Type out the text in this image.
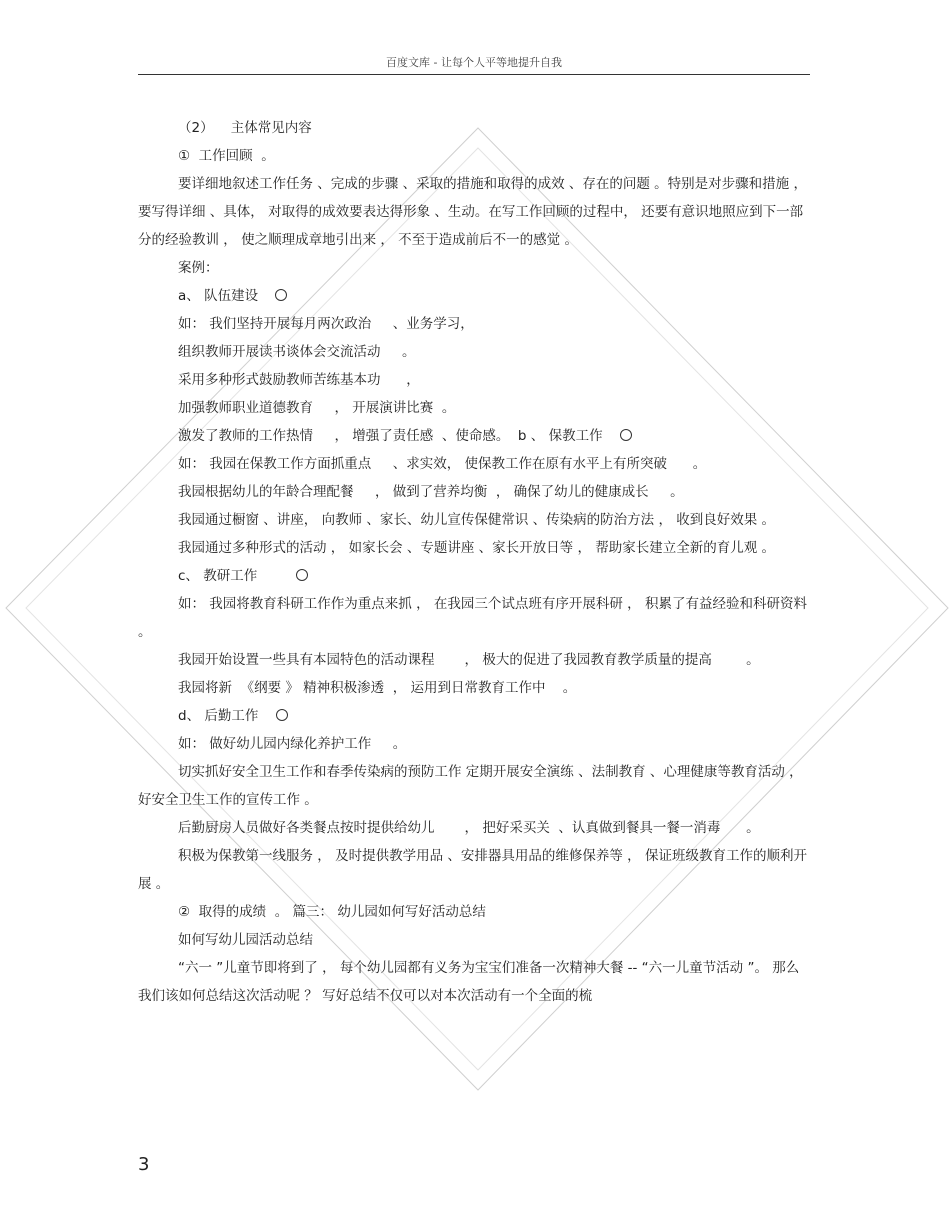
百度文库 - 让每个人平等地提升自我

（2）    主体常见内容

①  工作回顾  。

要详细地叙述工作任务 、完成的步骤 、采取的措施和取得的成效 、存在的问题 。特别是对步骤和措施 ， 要写得详细 、具体， 对取得的成效要表达得形象 、生动。在写工作回顾的过程中， 还要有意识地照应到下一部分的经验教训 ， 使之顺理成章地引出来 ， 不至于造成前后不一的感觉 。

案例：

a、 队伍建设

如： 我们坚持开展每月两次政治     、业务学习，

组织教师开展读书谈体会交流活动     。

采用多种形式鼓励教师苦练基本功      ，

加强教师职业道德教育     ， 开展演讲比赛  。

激发了教师的工作热情     ， 增强了责任感  、使命感。  b 、 保教工作

如： 我园在保教工作方面抓重点     、求实效， 使保教工作在原有水平上有所突破      。

我园根据幼儿的年龄合理配餐     ， 做到了营养均衡  ， 确保了幼儿的健康成长     。

我园通过橱窗 、讲座， 向教师 、家长、幼儿宣传保健常识 、传染病的防治方法 ， 收到良好效果 。

我园通过多种形式的活动 ， 如家长会 、专题讲座 、家长开放日等 ， 帮助家长建立全新的育儿观 。

c、 教研工作

如： 我园将教育科研工作作为重点来抓 ， 在我园三个试点班有序开展科研 ， 积累了有益经验和科研资料 。

我园开始设置一些具有本园特色的活动课程       ， 极大的促进了我园教育教学质量的提高        。

我园将新  《纲要 》 精神积极渗透  ， 运用到日常教育工作中    。

d、 后勤工作

如： 做好幼儿园内绿化养护工作     。

切实抓好安全卫生工作和春季传染病的预防工作 定期开展安全演练 、法制教育 、心理健康等教育活动 ， 好安全卫生工作的宣传工作 。

后勤厨房人员做好各类餐点按时提供给幼儿       ， 把好采买关  、认真做到餐具一餐一消毒      。

积极为保教第一线服务 ， 及时提供教学用品 、安排器具用品的维修保养等 ， 保证班级教育工作的顺利开展 。

②  取得的成绩  。 篇三： 幼儿园如何写好活动总结

如何写幼儿园活动总结

“六一 ”儿童节即将到了 ， 每个幼儿园都有义务为宝宝们准备一次精神大餐 -- “六一儿童节活动 ”。 那么我们该如何总结这次活动呢 ？ 写好总结不仅可以对本次活动有一个全面的梳

3
